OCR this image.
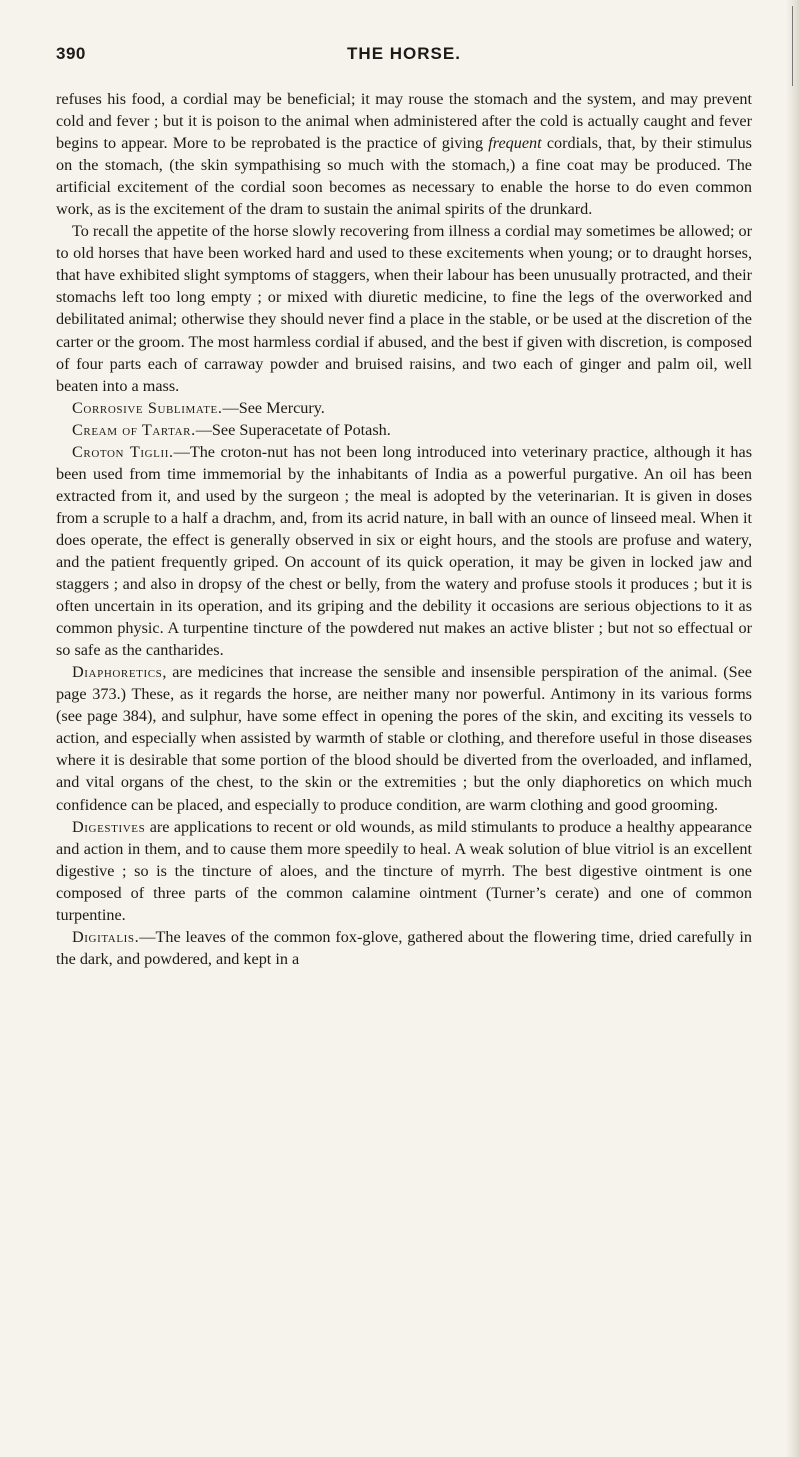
390	THE HORSE.

refuses his food, a cordial may be beneficial; it may rouse the stomach and the system, and may prevent cold and fever ; but it is poison to the animal when administered after the cold is actually caught and fever begins to appear. More to be reprobated is the practice of giving frequent cordials, that, by their stimulus on the stomach, (the skin sympathising so much with the stomach,) a fine coat may be produced. The artificial excitement of the cordial soon becomes as necessary to enable the horse to do even common work, as is the excitement of the dram to sustain the animal spirits of the drunkard.

To recall the appetite of the horse slowly recovering from illness a cordial may sometimes be allowed; or to old horses that have been worked hard and used to these excitements when young; or to draught horses, that have exhibited slight symptoms of staggers, when their labour has been unusually protracted, and their stomachs left too long empty ; or mixed with diuretic medicine, to fine the legs of the overworked and debilitated animal; otherwise they should never find a place in the stable, or be used at the discretion of the carter or the groom. The most harmless cordial if abused, and the best if given with discretion, is composed of four parts each of carraway powder and bruised raisins, and two each of ginger and palm oil, well beaten into a mass.

Corrosive Sublimate.—See Mercury.

Cream of Tartar.—See Superacetate of Potash.

Croton Tiglii.—The croton-nut has not been long introduced into veterinary practice, although it has been used from time immemorial by the inhabitants of India as a powerful purgative. An oil has been extracted from it, and used by the surgeon ; the meal is adopted by the veterinarian. It is given in doses from a scruple to a half a drachm, and, from its acrid nature, in ball with an ounce of linseed meal. When it does operate, the effect is generally observed in six or eight hours, and the stools are profuse and watery, and the patient frequently griped. On account of its quick operation, it may be given in locked jaw and staggers ; and also in dropsy of the chest or belly, from the watery and profuse stools it produces ; but it is often uncertain in its operation, and its griping and the debility it occasions are serious objections to it as common physic. A turpentine tincture of the powdered nut makes an active blister ; but not so effectual or so safe as the cantharides.

Diaphoretics, are medicines that increase the sensible and insensible perspiration of the animal. (See page 373.) These, as it regards the horse, are neither many nor powerful. Antimony in its various forms (see page 384), and sulphur, have some effect in opening the pores of the skin, and exciting its vessels to action, and especially when assisted by warmth of stable or clothing, and therefore useful in those diseases where it is desirable that some portion of the blood should be diverted from the overloaded, and inflamed, and vital organs of the chest, to the skin or the extremities ; but the only diaphoretics on which much confidence can be placed, and especially to produce condition, are warm clothing and good grooming.

Digestives are applications to recent or old wounds, as mild stimulants to produce a healthy appearance and action in them, and to cause them more speedily to heal. A weak solution of blue vitriol is an excellent digestive ; so is the tincture of aloes, and the tincture of myrrh. The best digestive ointment is one composed of three parts of the common calamine ointment (Turner’s cerate) and one of common turpentine.

Digitalis.—The leaves of the common fox-glove, gathered about the flowering time, dried carefully in the dark, and powdered, and kept in a
